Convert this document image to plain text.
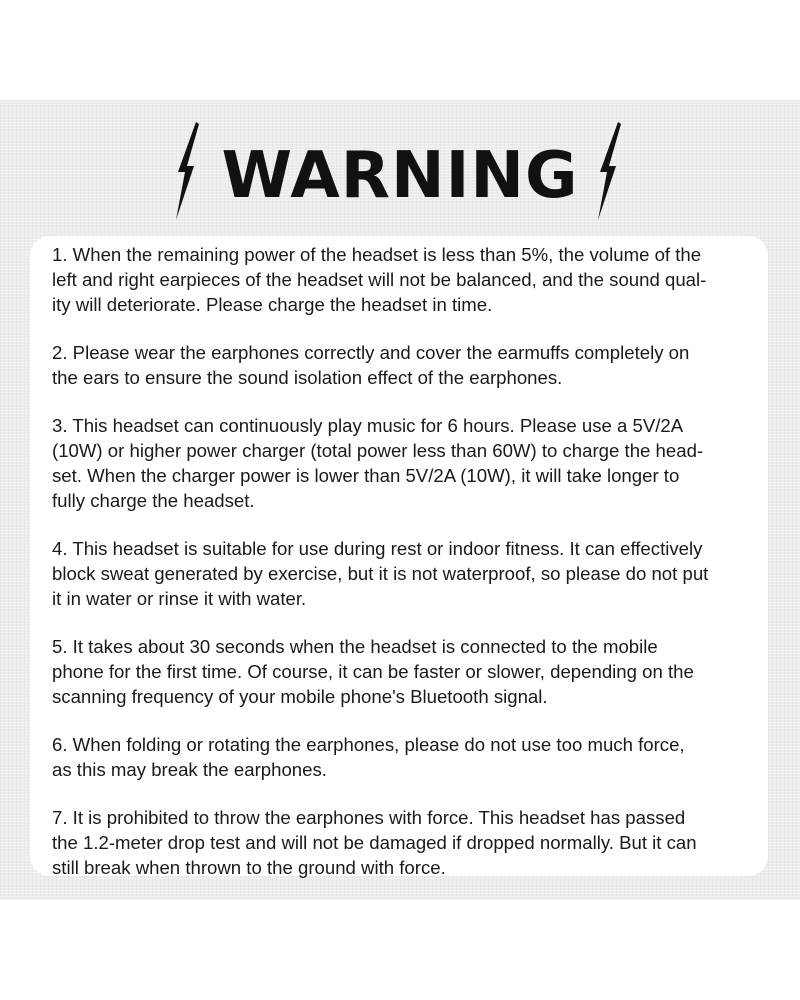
WARNING
1. When the remaining power of the headset is less than 5%, the volume of the
left and right earpieces of the headset will not be balanced, and the sound qual-
ity will deteriorate. Please charge the headset in time.
2. Please wear the earphones correctly and cover the earmuffs completely on
the ears to ensure the sound isolation effect of the earphones.
3. This headset can continuously play music for 6 hours. Please use a 5V/2A
(10W) or higher power charger (total power less than 60W) to charge the head-
set. When the charger power is lower than 5V/2A (10W), it will take longer to
fully charge the headset.
4. This headset is suitable for use during rest or indoor fitness. It can effectively
block sweat generated by exercise, but it is not waterproof, so please do not put
it in water or rinse it with water.
5. It takes about 30 seconds when the headset is connected to the mobile
phone for the first time. Of course, it can be faster or slower, depending on the
scanning frequency of your mobile phone's Bluetooth signal.
6. When folding or rotating the earphones, please do not use too much force,
as this may break the earphones.
7. It is prohibited to throw the earphones with force. This headset has passed
the 1.2-meter drop test and will not be damaged if dropped normally. But it can
still break when thrown to the ground with force.
